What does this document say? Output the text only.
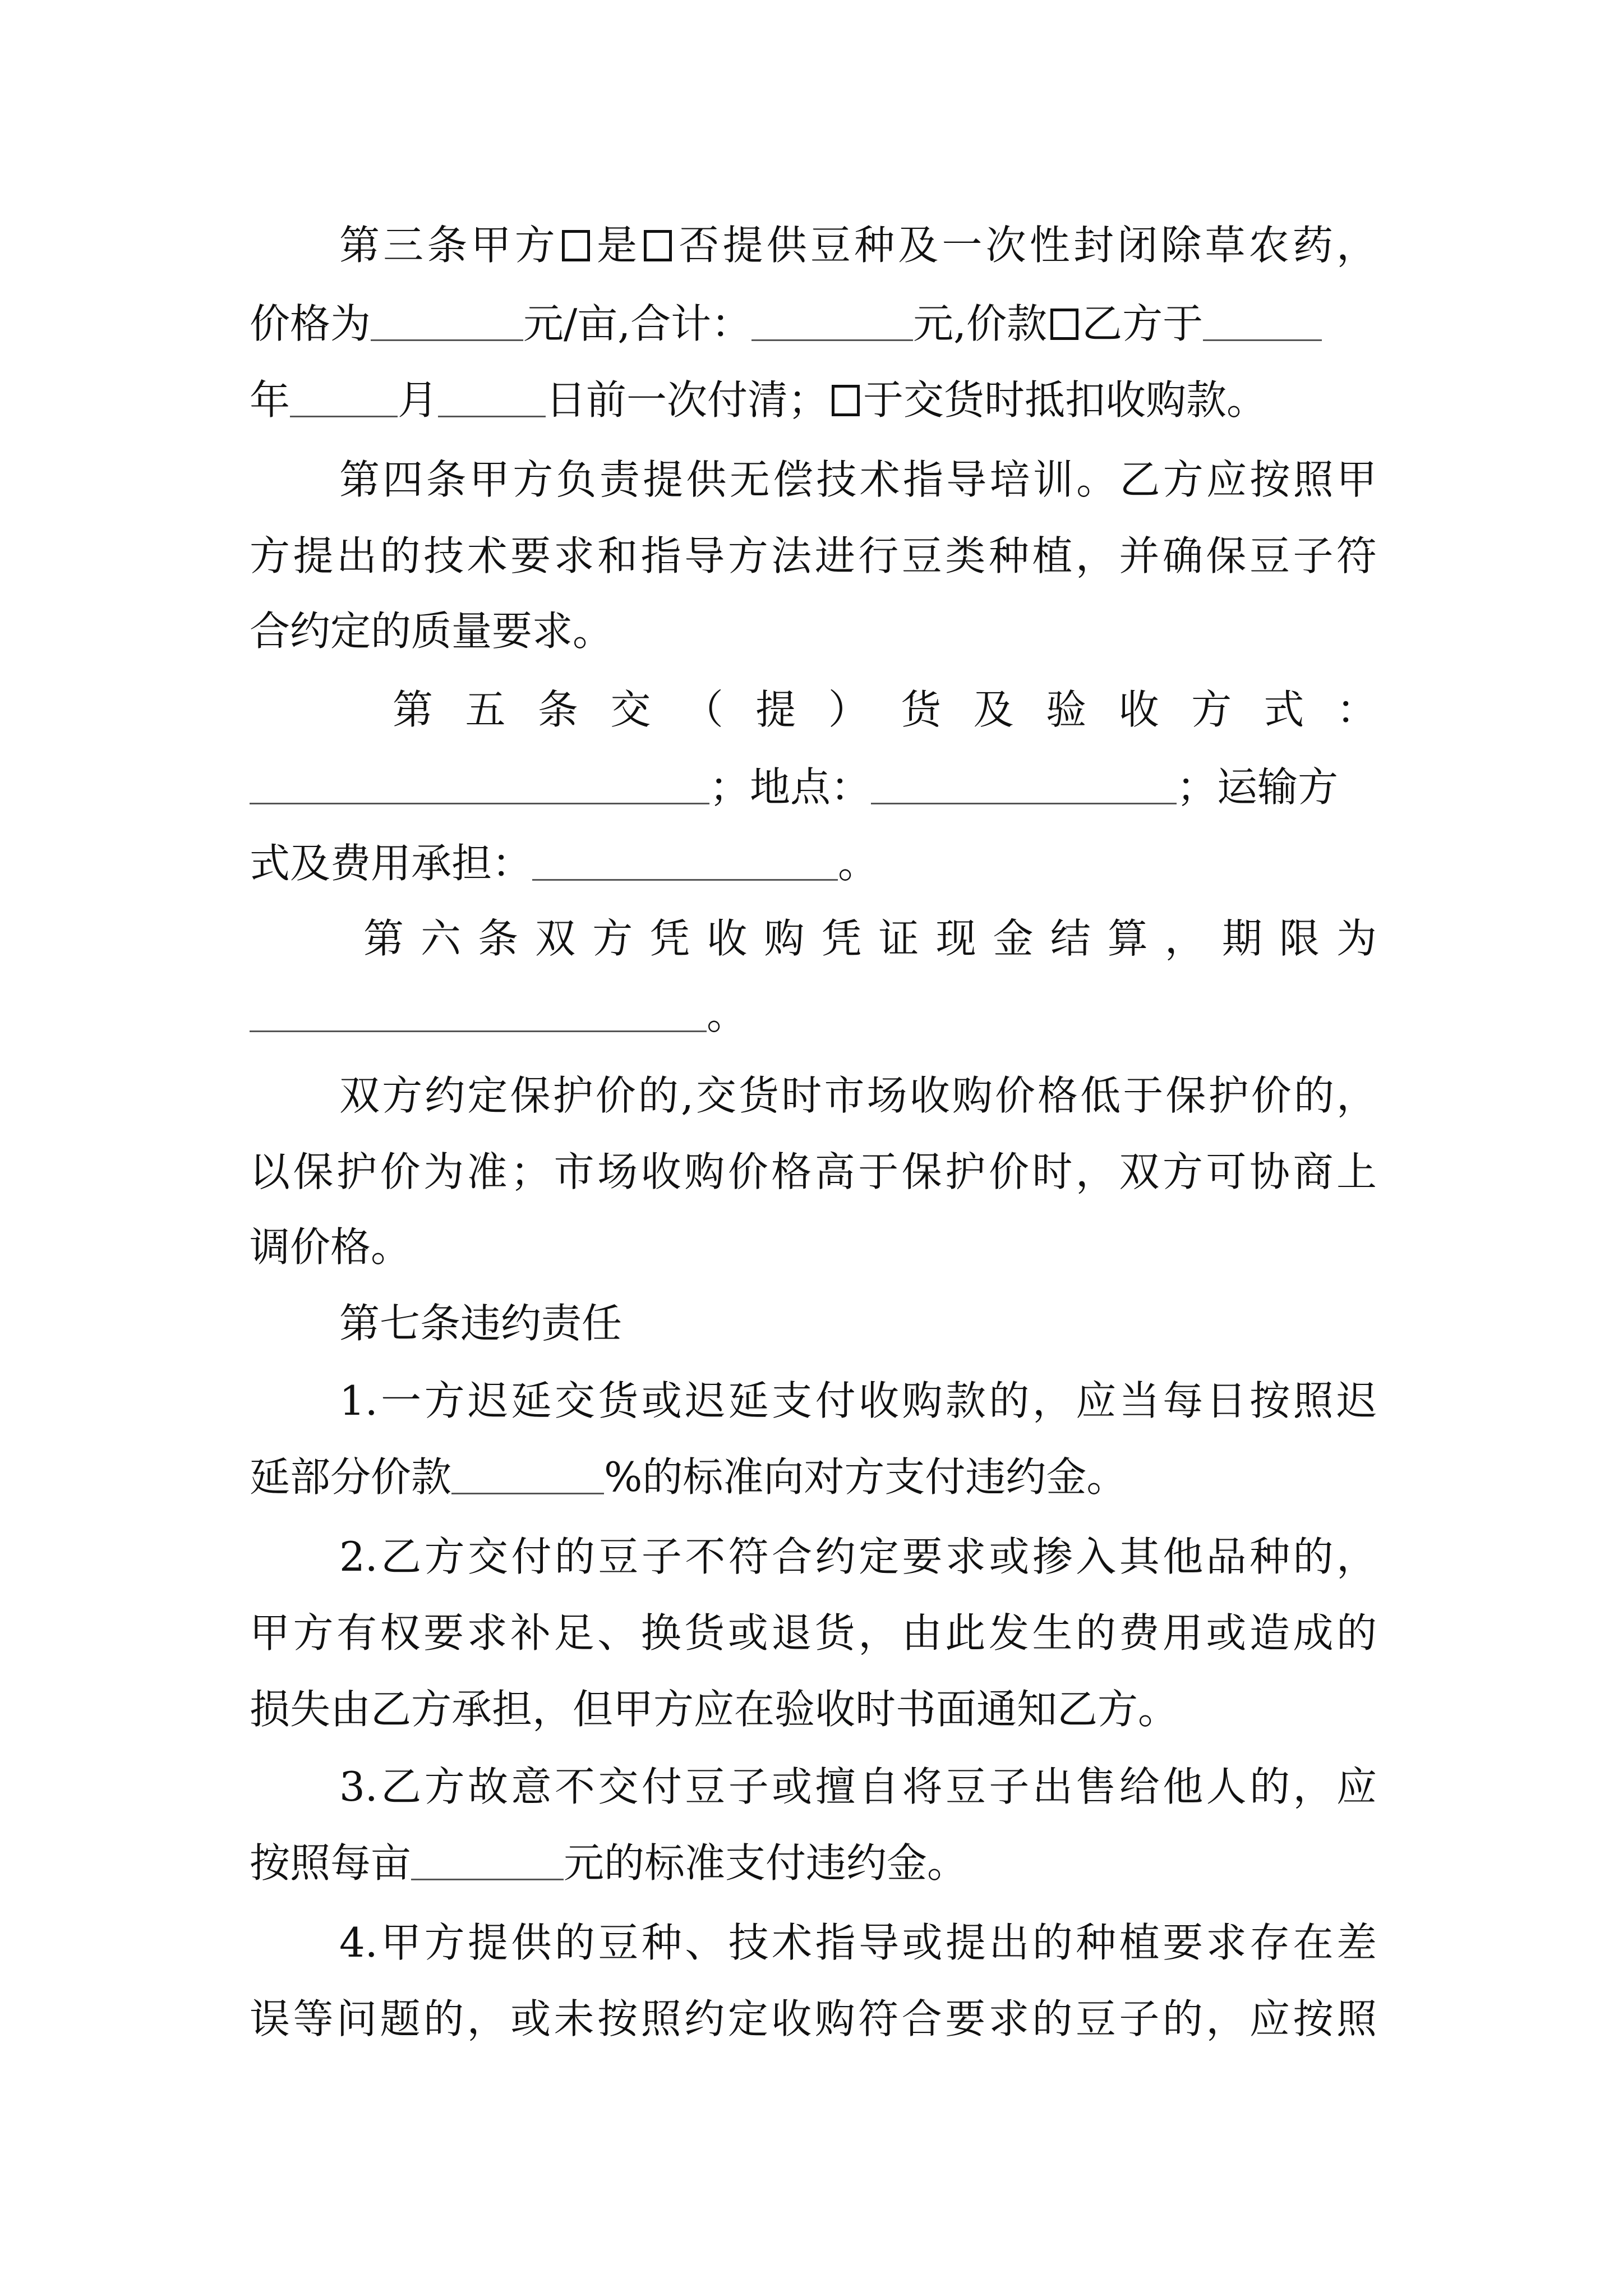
第三条甲方 是 否提供豆种及一次性封闭除草农药，
价格为	元/亩,合计：	元,价款 乙方于
年	月	日前一次付清； 于交货时抵扣收购款。
第四条甲方负责提供无偿技术指导培训。乙方应按照甲
方提出的技术要求和指导方法进行豆类种植，并确保豆子符
合约定的质量要求。
第五条交（提）货及验收方式：
；地点：	；运输方
式及费用承担：	。
第六条双方凭收购凭证现金结算，期限为
。
双方约定保护价的,交货时市场收购价格低于保护价的，
以保护价为准；市场收购价格高于保护价时，双方可协商上
调价格。
第七条违约责任
1.一方迟延交货或迟延支付收购款的，应当每日按照迟
延部分价款	%的标准向对方支付违约金。
2.乙方交付的豆子不符合约定要求或掺入其他品种的，
甲方有权要求补足、换货或退货，由此发生的费用或造成的
损失由乙方承担，但甲方应在验收时书面通知乙方。
3.乙方故意不交付豆子或擅自将豆子出售给他人的，应
按照每亩	元的标准支付违约金。
4.甲方提供的豆种、技术指导或提出的种植要求存在差
误等问题的，或未按照约定收购符合要求的豆子的，应按照
